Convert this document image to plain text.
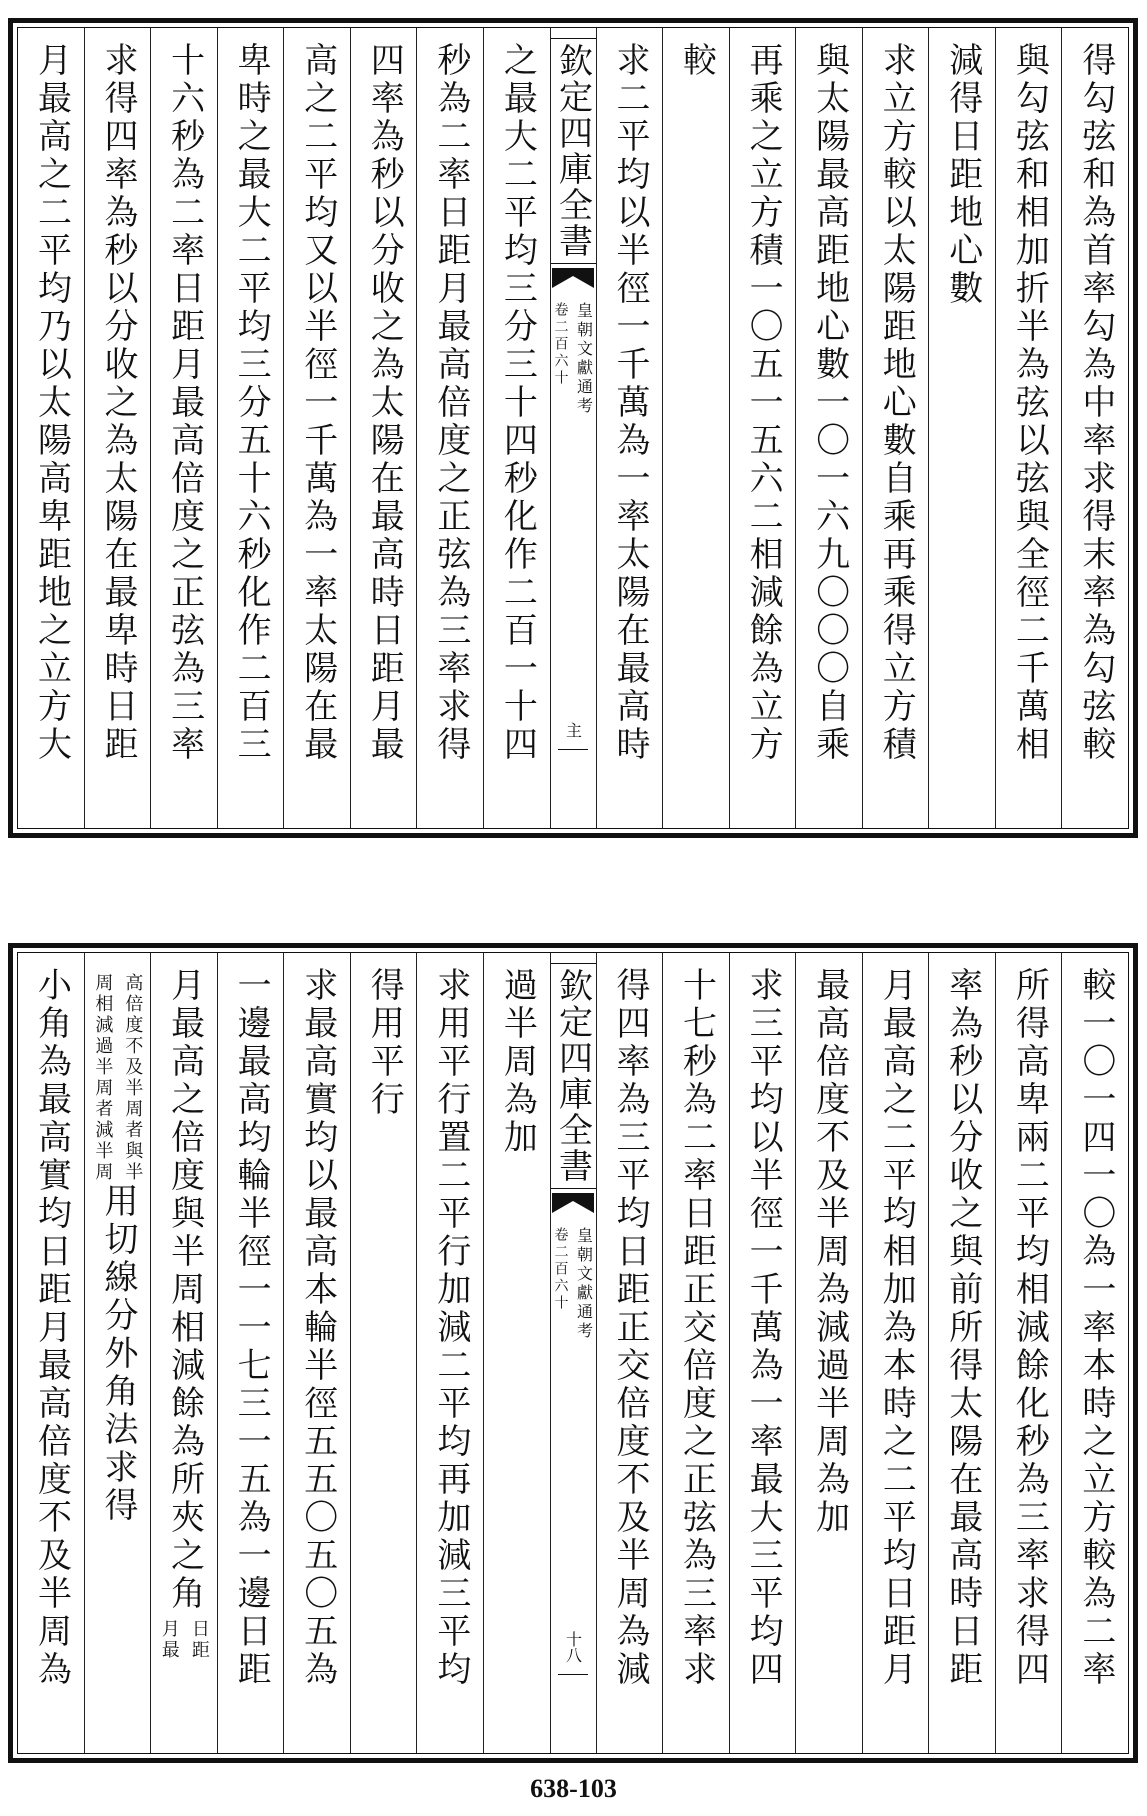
得勾弦和為首率勾為中率求得末率為勾弦較
與勾弦和相加折半為弦以弦與全徑二千萬相
減得日距地心數
求立方較以太陽距地心數自乘再乘得立方積
與太陽最高距地心數一〇一六九〇〇〇自乘
再乘之立方積一〇五一五六二相減餘為立方
較
求二平均以半徑一千萬為一率太陽在最高時
欽定四庫全書
皇朝文獻通考
卷二百六十
主
之最大二平均三分三十四秒化作二百一十四
秒為二率日距月最高倍度之正弦為三率求得
四率為秒以分收之為太陽在最高時日距月最
高之二平均又以半徑一千萬為一率太陽在最
卑時之最大二平均三分五十六秒化作二百三
十六秒為二率日距月最高倍度之正弦為三率
求得四率為秒以分收之為太陽在最卑時日距
月最高之二平均乃以太陽高卑距地之立方大
較一〇一四一〇為一率本時之立方較為二率
所得高卑兩二平均相減餘化秒為三率求得四
率為秒以分收之與前所得太陽在最高時日距
月最高之二平均相加為本時之二平均日距月
最高倍度不及半周為減過半周為加
求三平均以半徑一千萬為一率最大三平均四
十七秒為二率日距正交倍度之正弦為三率求
得四率為三平均日距正交倍度不及半周為減
欽定四庫全書
皇朝文獻通考
卷二百六十
十八
過半周為加
求用平行置二平行加減二平均再加減三平均
得用平行
求最高實均以最高本輪半徑五五〇五〇五為
一邊最高均輪半徑一一七三一五為一邊日距
月最高之倍度與半周相減餘為所夾之角
日距
月最
高倍度不及半周者與半
周相減過半周者減半周
用切線分外角法求得
小角為最高實均日距月最高倍度不及半周為
638-103
